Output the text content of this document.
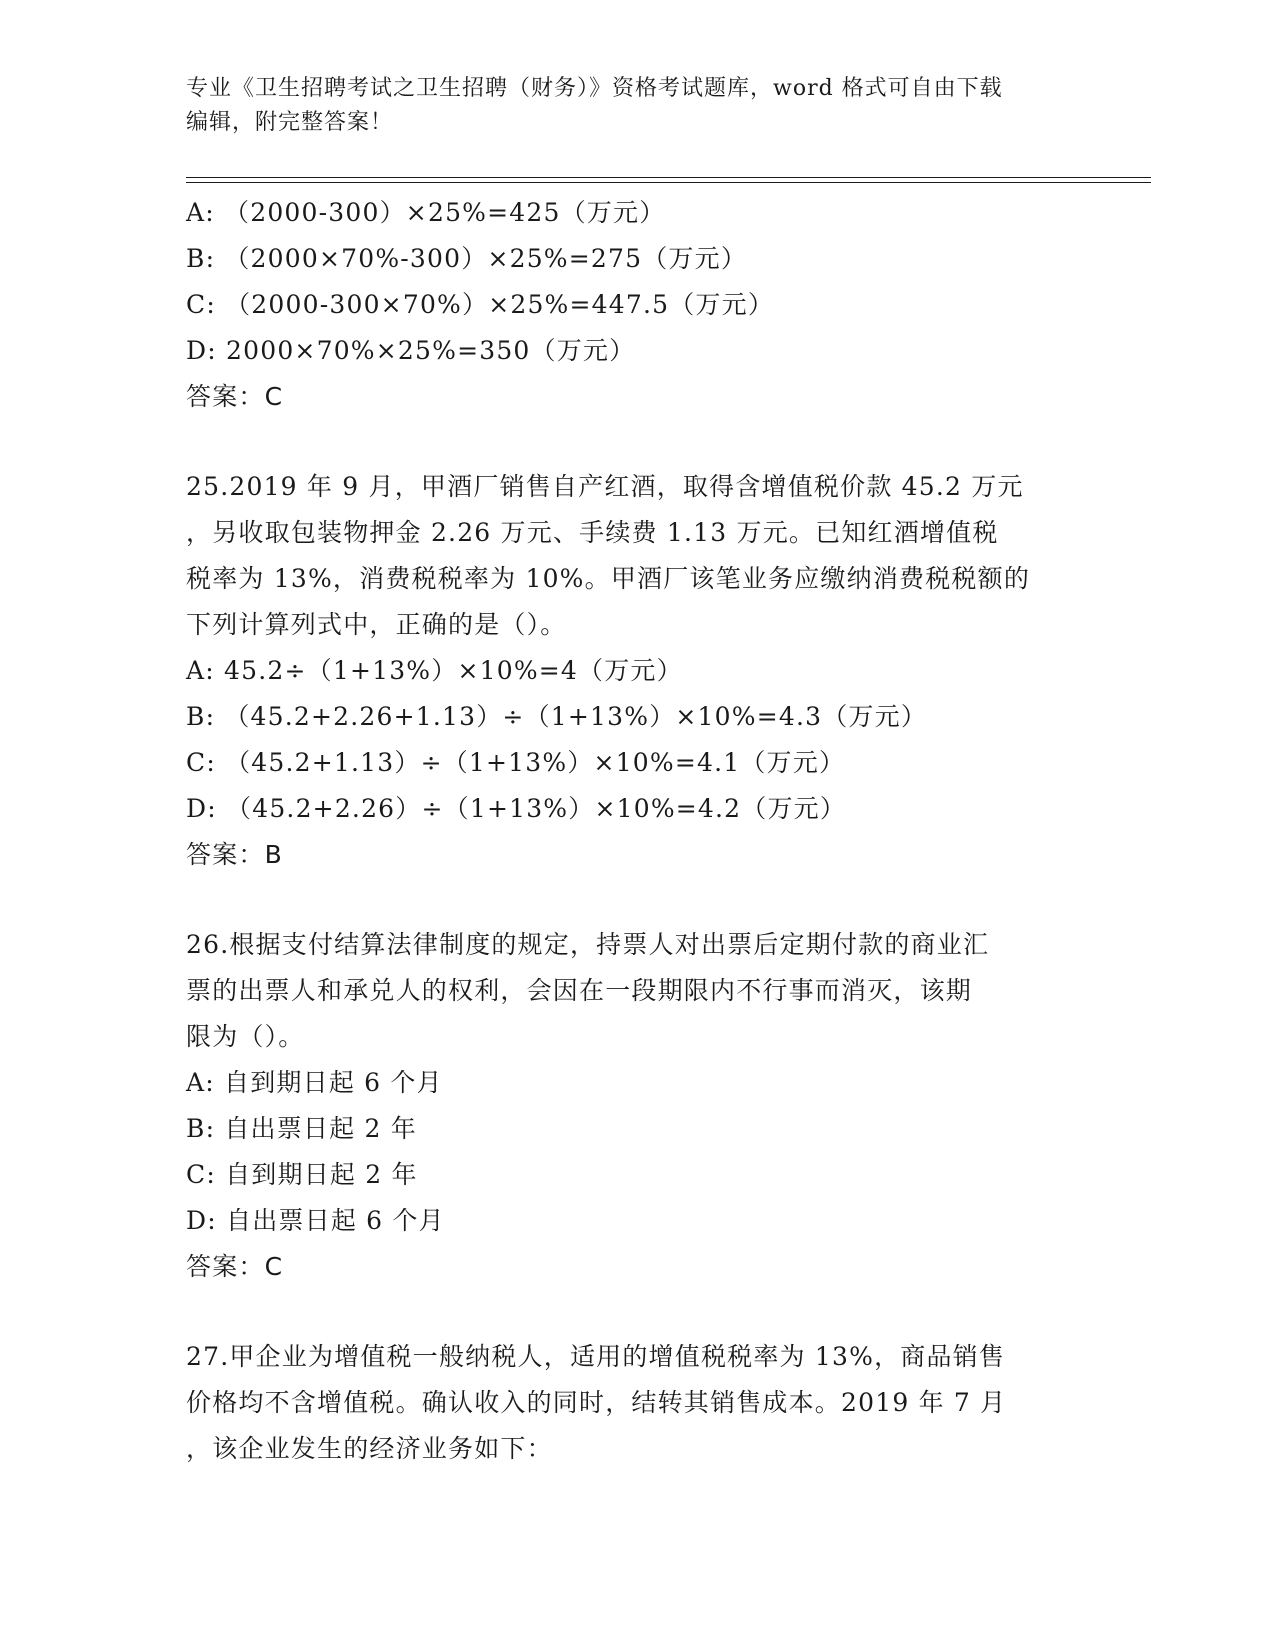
专业《卫生招聘考试之卫生招聘（财务）》资格考试题库，word 格式可自由下载
编辑，附完整答案！
A: （2000-300）×25%=425（万元）
B: （2000×70%-300）×25%=275（万元）
C: （2000-300×70%）×25%=447.5（万元）
D: 2000×70%×25%=350（万元）
答案：C
25.2019 年 9 月，甲酒厂销售自产红酒，取得含增值税价款 45.2 万元
，另收取包装物押金 2.26 万元、手续费 1.13 万元。已知红酒增值税
税率为 13%，消费税税率为 10%。甲酒厂该笔业务应缴纳消费税税额的
下列计算列式中，正确的是（）。
A: 45.2÷（1+13%）×10%=4（万元）
B: （45.2+2.26+1.13）÷（1+13%）×10%=4.3（万元）
C: （45.2+1.13）÷（1+13%）×10%=4.1（万元）
D: （45.2+2.26）÷（1+13%）×10%=4.2（万元）
答案：B
26.根据支付结算法律制度的规定，持票人对出票后定期付款的商业汇
票的出票人和承兑人的权利，会因在一段期限内不行事而消灭，该期
限为（）。
A: 自到期日起 6 个月
B: 自出票日起 2 年
C: 自到期日起 2 年
D: 自出票日起 6 个月
答案：C
27.甲企业为增值税一般纳税人，适用的增值税税率为 13%，商品销售
价格均不含增值税。确认收入的同时，结转其销售成本。2019 年 7 月
，该企业发生的经济业务如下：
